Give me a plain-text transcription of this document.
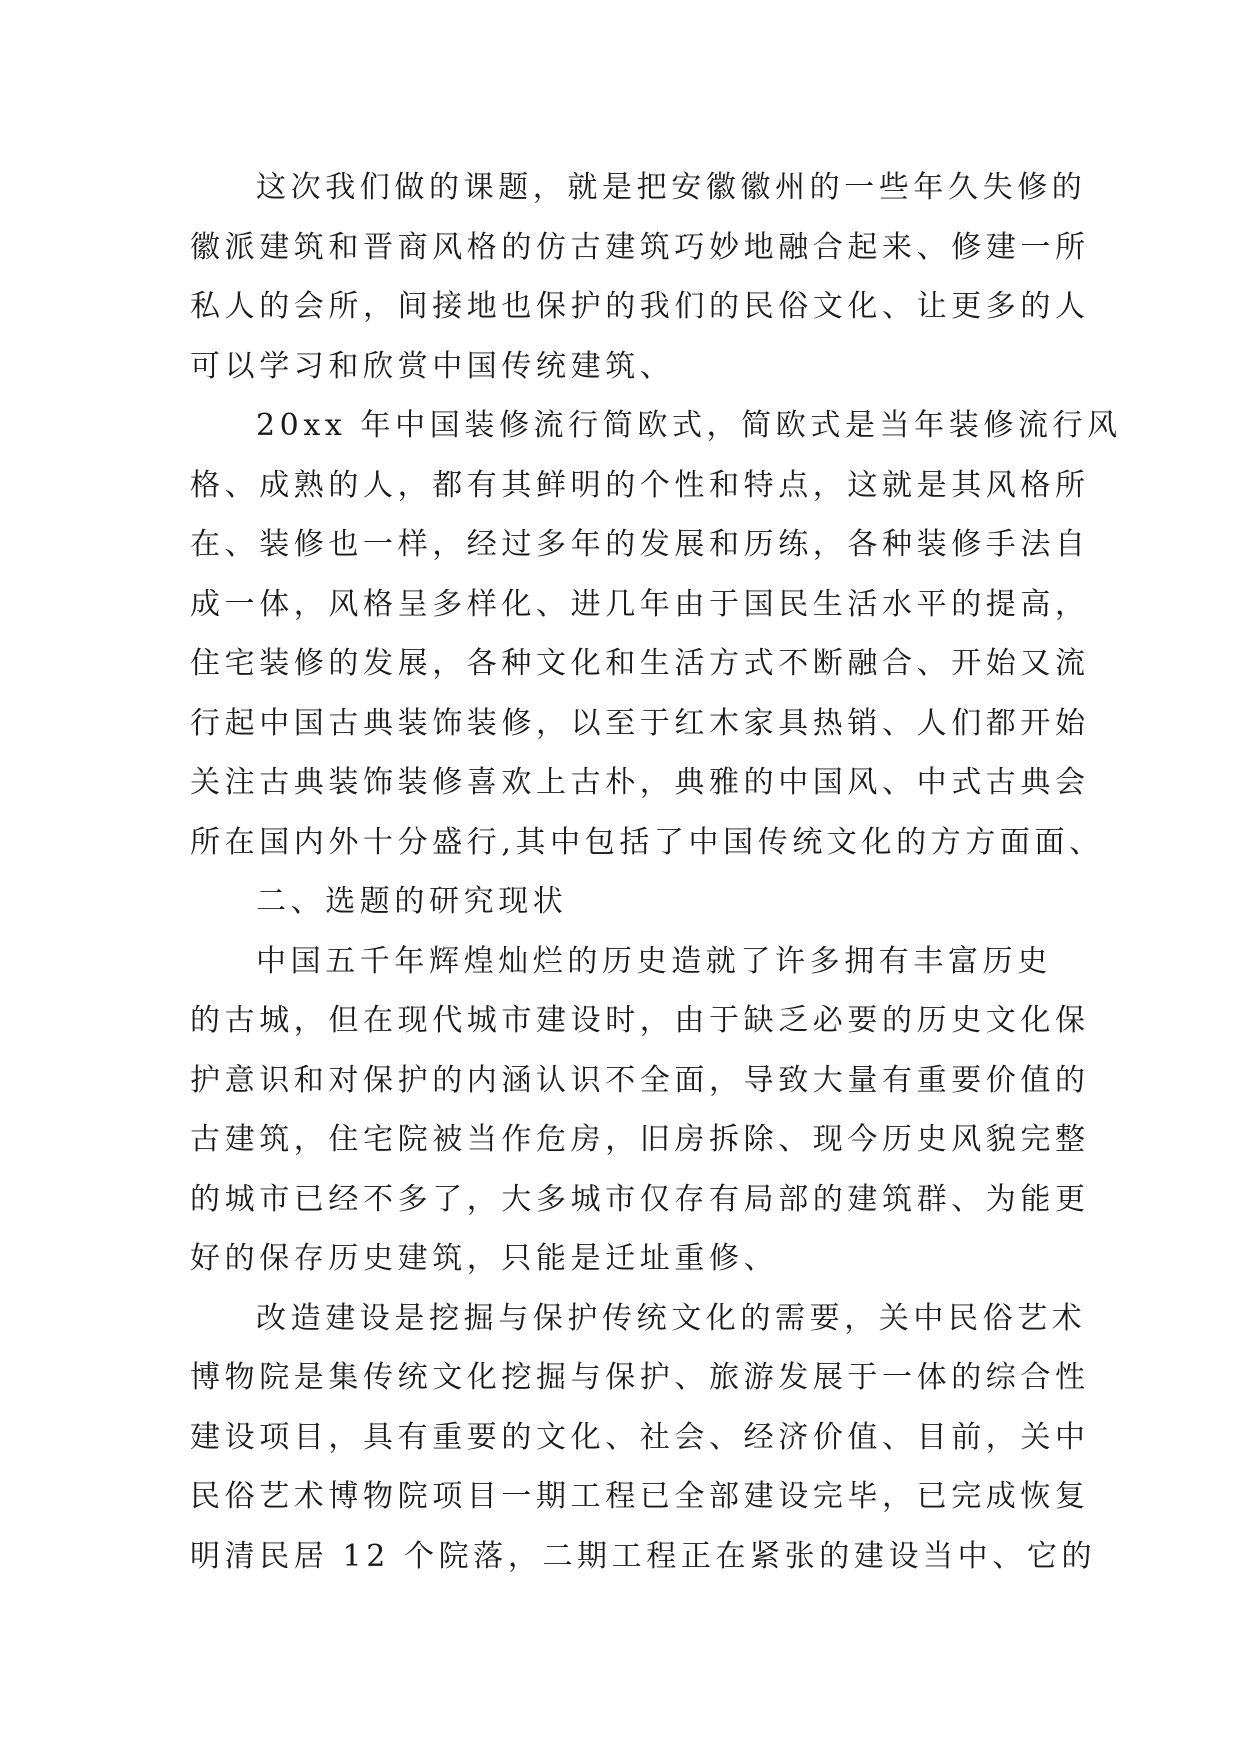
这次我们做的课题，就是把安徽徽州的一些年久失修的
徽派建筑和晋商风格的仿古建筑巧妙地融合起来、修建一所
私人的会所，间接地也保护的我们的民俗文化、让更多的人
可以学习和欣赏中国传统建筑、
20xx 年中国装修流行简欧式，简欧式是当年装修流行风
格、成熟的人，都有其鲜明的个性和特点，这就是其风格所
在、装修也一样，经过多年的发展和历练，各种装修手法自
成一体，风格呈多样化、进几年由于国民生活水平的提高，
住宅装修的发展，各种文化和生活方式不断融合、开始又流
行起中国古典装饰装修，以至于红木家具热销、人们都开始
关注古典装饰装修喜欢上古朴，典雅的中国风、中式古典会
所在国内外十分盛行,其中包括了中国传统文化的方方面面、
二、选题的研究现状
中国五千年辉煌灿烂的历史造就了许多拥有丰富历史
的古城，但在现代城市建设时，由于缺乏必要的历史文化保
护意识和对保护的内涵认识不全面，导致大量有重要价值的
古建筑，住宅院被当作危房，旧房拆除、现今历史风貌完整
的城市已经不多了，大多城市仅存有局部的建筑群、为能更
好的保存历史建筑，只能是迁址重修、
改造建设是挖掘与保护传统文化的需要，关中民俗艺术
博物院是集传统文化挖掘与保护、旅游发展于一体的综合性
建设项目，具有重要的文化、社会、经济价值、目前，关中
民俗艺术博物院项目一期工程已全部建设完毕，已完成恢复
明清民居 12 个院落，二期工程正在紧张的建设当中、它的
